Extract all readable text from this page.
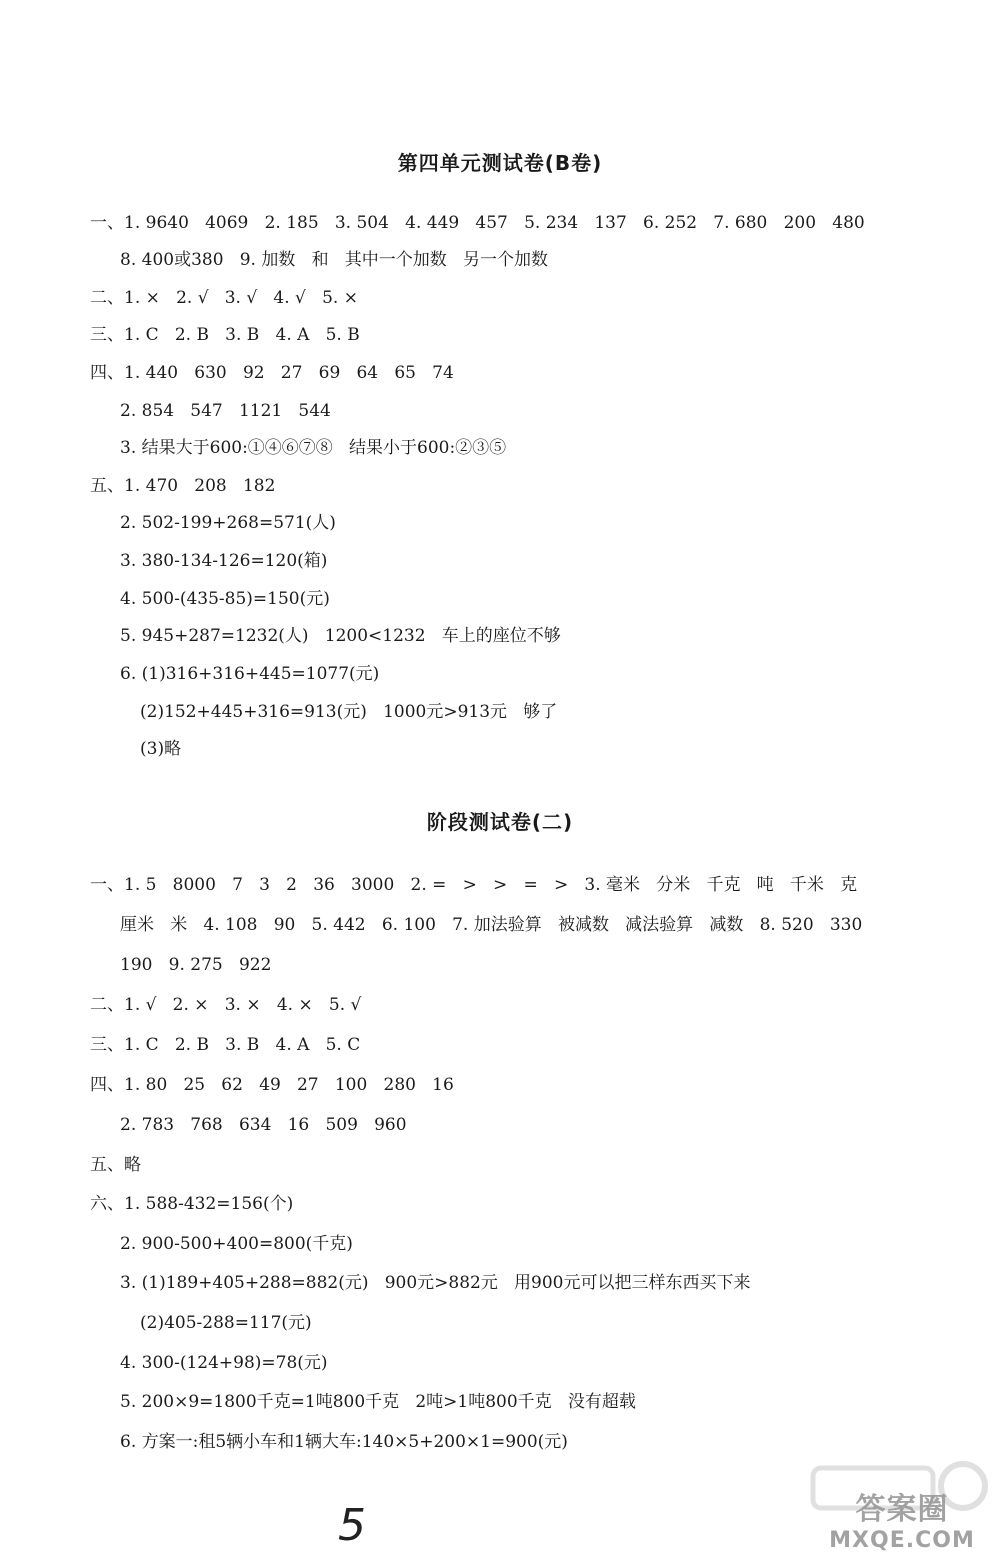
第四单元测试卷(B卷)
一、1. 9640   4069   2. 185   3. 504   4. 449   457   5. 234   137   6. 252   7. 680   200   480
8. 400或380   9. 加数   和   其中一个加数   另一个加数
二、1. ×   2. √   3. √   4. √   5. ×
三、1. C   2. B   3. B   4. A   5. B
四、1. 440   630   92   27   69   64   65   74
2. 854   547   1121   544
3. 结果大于600:①④⑥⑦⑧   结果小于600:②③⑤
五、1. 470   208   182
2. 502-199+268=571(人)
3. 380-134-126=120(箱)
4. 500-(435-85)=150(元)
5. 945+287=1232(人)   1200<1232   车上的座位不够
6. (1)316+316+445=1077(元)
(2)152+445+316=913(元)   1000元>913元   够了
(3)略
阶段测试卷(二)
一、1. 5   8000   7   3   2   36   3000   2. =   >   >   =   >   3. 毫米   分米   千克   吨   千米   克
厘米   米   4. 108   90   5. 442   6. 100   7. 加法验算   被减数   减法验算   减数   8. 520   330
190   9. 275   922
二、1. √   2. ×   3. ×   4. ×   5. √
三、1. C   2. B   3. B   4. A   5. C
四、1. 80   25   62   49   27   100   280   16
2. 783   768   634   16   509   960
五、略
六、1. 588-432=156(个)
2. 900-500+400=800(千克)
3. (1)189+405+288=882(元)   900元>882元   用900元可以把三样东西买下来
(2)405-288=117(元)
4. 300-(124+98)=78(元)
5. 200×9=1800千克=1吨800千克   2吨>1吨800千克   没有超载
6. 方案一:租5辆小车和1辆大车:140×5+200×1=900(元)
5	答案圈
MXQE.COM
